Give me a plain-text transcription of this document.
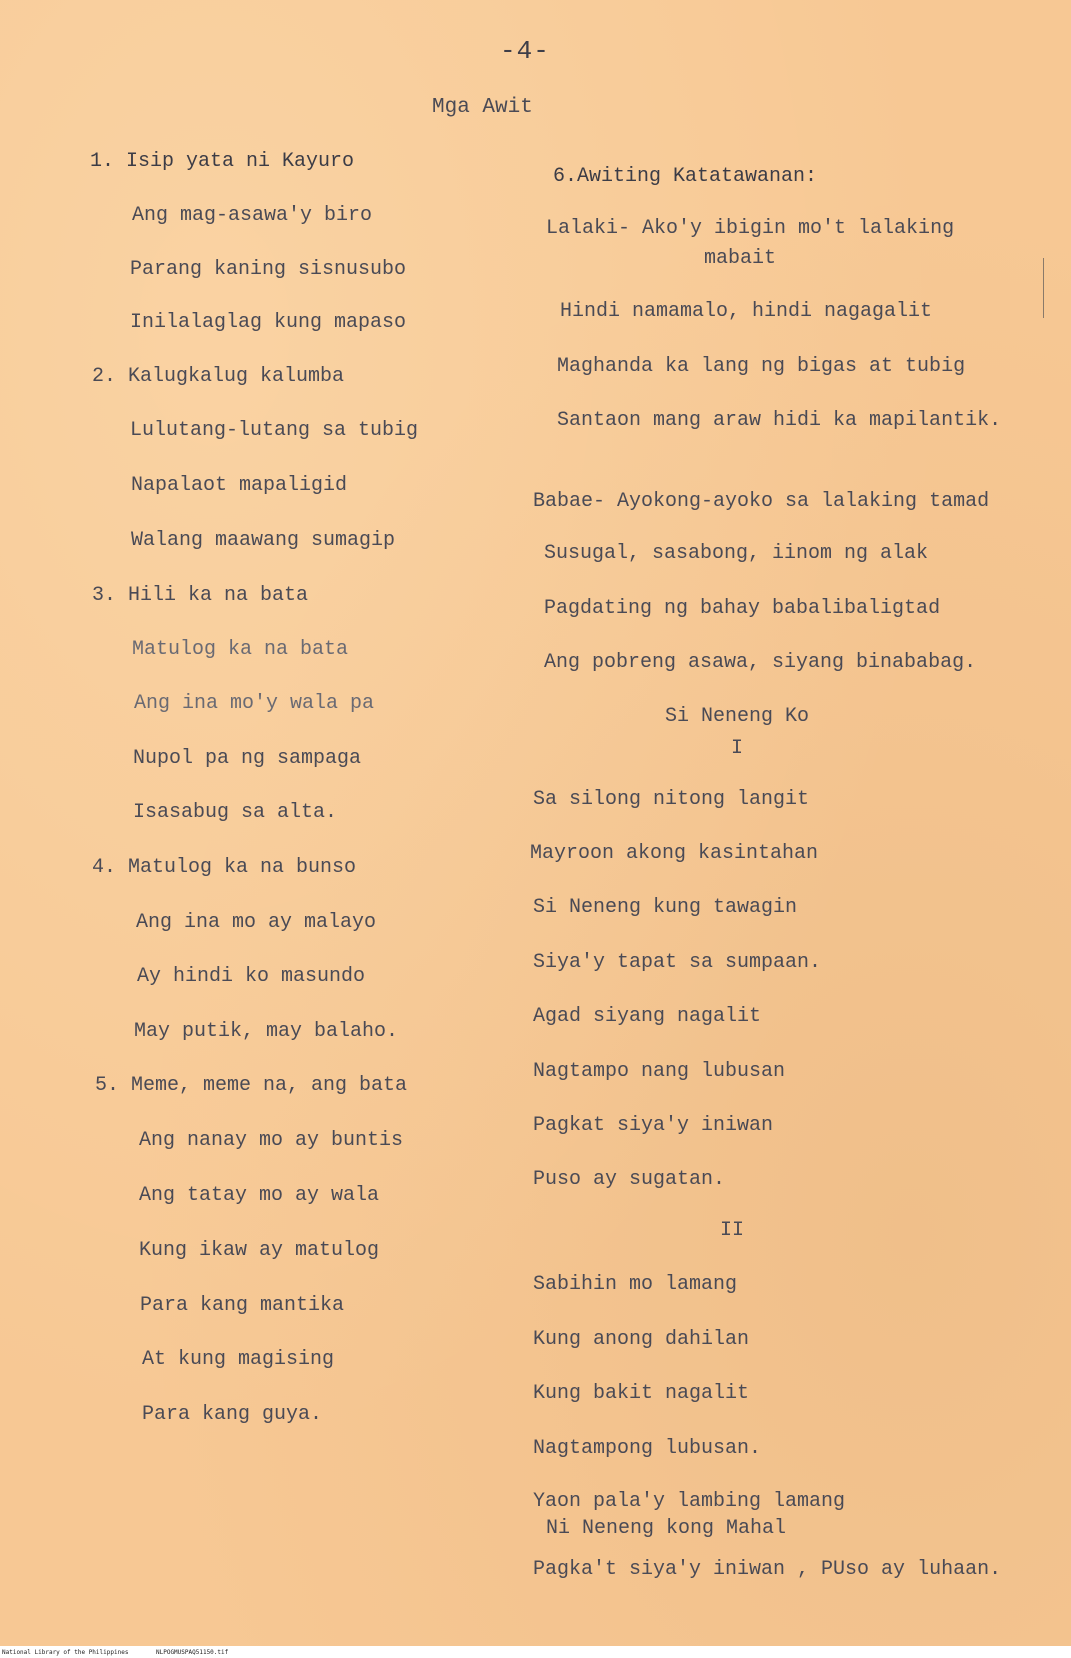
-4-
Mga Awit
1. Isip yata ni Kayuro
Ang mag-asawa'y biro
Parang kaning sisnusubo
Inilalaglag kung mapaso
2. Kalugkalug kalumba
Lulutang-lutang sa tubig
Napalaot mapaligid
Walang maawang sumagip
3. Hili ka na bata
Matulog ka na bata
Ang ina mo'y wala pa
Nupol pa ng sampaga
Isasabug sa alta.
4. Matulog ka na bunso
Ang ina mo ay malayo
Ay hindi ko masundo
May putik, may balaho.
5. Meme, meme na, ang bata
Ang nanay mo ay buntis
Ang tatay mo ay wala
Kung ikaw ay matulog
Para kang mantika
At kung magising
Para kang guya.
6.Awiting Katatawanan:
Lalaki- Ako'y ibigin mo't lalaking
mabait
Hindi namamalo, hindi nagagalit
Maghanda ka lang ng bigas at tubig
Santaon mang araw hidi ka mapilantik.
Babae- Ayokong-ayoko sa lalaking tamad
Susugal, sasabong, iinom ng alak
Pagdating ng bahay babalibaligtad
Ang pobreng asawa, siyang binababag.
Si Neneng Ko
I
Sa silong nitong langit
Mayroon akong kasintahan
Si Neneng kung tawagin
Siya'y tapat sa sumpaan.
Agad siyang nagalit
Nagtampo nang lubusan
Pagkat siya'y iniwan
Puso ay sugatan.
II
Sabihin mo lamang
Kung anong dahilan
Kung bakit nagalit
Nagtampong lubusan.
Yaon pala'y lambing lamang
Ni Neneng kong Mahal
Pagka't siya'y iniwan , PUso ay luhaan.
National Library of the Philippines	NLPOGMUSPAQ51150.tif
